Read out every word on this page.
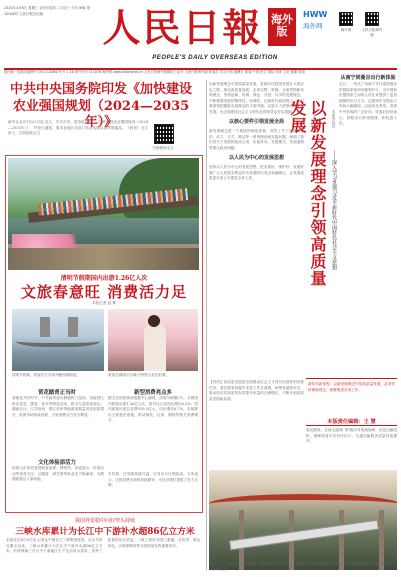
2024年3月8日 星期三 农历甲辰年二月初三 今日16版 第10048号 人民日报社出版	人民日報 海外版
PEOPLE'S DAILY OVERSEAS EDITION
HWW
海外网	海外网	人民日报海外版
国内统一连续出版物号 CN 11-0066 代号 1-16 国外代号 D.1076 海外网 www.haiwainet.cn 人民日报海外版微信公众号 人民日报海外版 侠客岛 学习小组 港澳台 要闻 中国 民生 国际 体育 文化 健康 旅游
中共中央国务院印发《加快建设农业强国规划（2024—2035年）》
新华社北京1月22日电 近日，中共中央、国务院印发了《加快建设农业强国规划（2024—2035年）》，并发出通知，要求各地区各部门结合实际认真贯彻落实。《规划》全文如下。扫码阅读全文
扫码阅读全文
清明节假期国内出游1.26亿人次
文旅春意旺 消费活力足
本报记者 赵 珊
清明节假期，游客在江苏扬州瘦西湖游览。	游客在湖南长沙橘子洲景区赏花拍照。
赏花踏青正当时
春暖花开好时节，户外踏青成为假期热门选择。各地景区推出赏花、露营、徒步等特色活动，吸引大量游客前往。湖南长沙、江苏扬州、浙江杭州等地游客数量同比明显增长，旅游市场持续回暖，文旅消费活力充分释放。
文化体验添活力
传统文化体验受到游客追捧。博物馆、非遗展示、民俗活动等备受关注，汉服游、研学游等新业态不断涌现，为假期旅游注入新动能。
新型消费亮点多
据文化和旅游部数据中心测算，清明节假期3天，全国国内旅游出游1.26亿人次，按可比口径同比增长6.3%；国内游客出游总花费539.5亿元，同比增长6.7%。各地推出文旅惠民措施，带动餐饮、住宿、购物等相关消费增长。
乡村游、近郊游持续升温，自驾出行比例较高。专家表示，文旅消费市场的持续繁荣，为经济增长提供了有力支撑。
我国外贸稳中向好势头持续
三峡水库累计为长江中下游补水超86亿立方米
本报北京4月8日电 记者从中国长江三峡集团获悉，自去年汛后蓄水以来，三峡水库累计为长江中下游补水超86亿立方米，有效保障了长江中下游地区生产生活用水需求，发挥了显著的综合效益。三峡工程作为国之重器，在防洪、航运、发电、水资源利用等方面持续发挥重要作用。
以新发展理念引领高质量发展，是新时代我国发展壮大的必由之路。推动高质量发展，必须完整、准确、全面贯彻新发展理念，坚持创新、协调、绿色、开放、共享的发展理念，不断增强发展的整体性、协调性。在新时代新征程上，我们要深刻把握新发展理念的丰富内涵，以更大力度推动高质量发展，为全面建设社会主义现代化国家奠定坚实基础。
以核心要件引领发展全局
新发展理念是一个系统的理论体系，回答了关于发展的目的、动力、方式、路径等一系列理论和实践问题，阐明了我们党关于发展的政治立场、价值导向、发展模式、发展道路等重大政治问题。
以人民为中心的发展思想
坚持以人民为中心的发展思想，把实现好、维护好、发展好最广大人民根本利益作为发展的出发点和落脚点，让发展成果更多更公平惠及全体人民。
【导读】高质量发展是全面建设社会主义现代化国家的首要任务。我们要坚持稳中求进工作总基调，统筹发展和安全，推动经济实现质的有效提升和量的合理增长，不断开创高质量发展新局面。
以新发展理念引领高质量发展	本报评论员
——深入学习贯彻习近平新时代中国特色社会主义思想
从南宁到曼谷出行新体验
近日，一列从广西南宁开往泰国曼谷的国际旅客列车顺利开行，为中国和东盟国家之间的人员往来提供了更加便捷的出行方式。这趟列车全程运行时间大幅缩短，沿途风光秀美，受到中外旅客的广泛好评。旅客们纷纷表示，铁路出行舒适便捷，体验感十足。
新时代新征程，以新发展理念引领高质量发展，必须坚持系统观念，统筹推进各项工作。
本版责任编辑：王 慧
春运期间，各地交通部门积极应对客流高峰，优化运输组织，保障旅客平安有序出行，交通运输服务质量持续提升。
4月7日，一列动车组列车驶过位于湖南省怀化市的大桥。近年来，我国高铁建设不断推进，为区域经济发展注入强劲动力。（新华社发）
